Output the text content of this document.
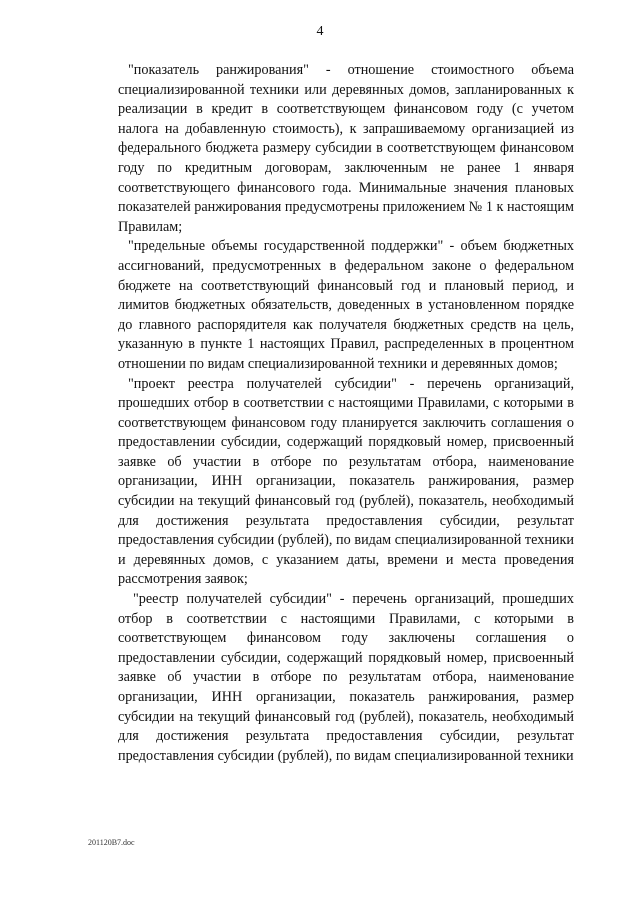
4

"показатель ранжирования" - отношение стоимостного объема специализированной техники или деревянных домов, запланированных к реализации в кредит в соответствующем финансовом году (с учетом налога на добавленную стоимость), к запрашиваемому организацией из федерального бюджета размеру субсидии в соответствующем финансовом году по кредитным договорам, заключенным не ранее 1 января соответствующего финансового года. Минимальные значения плановых показателей ранжирования предусмотрены приложением № 1 к настоящим Правилам;

"предельные объемы государственной поддержки" - объем бюджетных ассигнований, предусмотренных в федеральном законе о федеральном бюджете на соответствующий финансовый год и плановый период, и лимитов бюджетных обязательств, доведенных в установленном порядке до главного распорядителя как получателя бюджетных средств на цель, указанную в пункте 1 настоящих Правил, распределенных в процентном отношении по видам специализированной техники и деревянных домов;

"проект реестра получателей субсидии" - перечень организаций, прошедших отбор в соответствии с настоящими Правилами, с которыми в соответствующем финансовом году планируется заключить соглашения о предоставлении субсидии, содержащий порядковый номер, присвоенный заявке об участии в отборе по результатам отбора, наименование организации, ИНН организации, показатель ранжирования, размер субсидии на текущий финансовый год (рублей), показатель, необходимый для достижения результата предоставления субсидии, результат предоставления субсидии (рублей), по видам специализированной техники и деревянных домов, с указанием даты, времени и места проведения рассмотрения заявок;

"реестр получателей субсидии" - перечень организаций, прошедших отбор в соответствии с настоящими Правилами, с которыми в соответствующем финансовом году заключены соглашения о предоставлении субсидии, содержащий порядковый номер, присвоенный заявке об участии в отборе по результатам отбора, наименование организации, ИНН организации, показатель ранжирования, размер субсидии на текущий финансовый год (рублей), показатель, необходимый для достижения результата предоставления субсидии, результат предоставления субсидии (рублей), по видам специализированной техники

201120B7.doc
